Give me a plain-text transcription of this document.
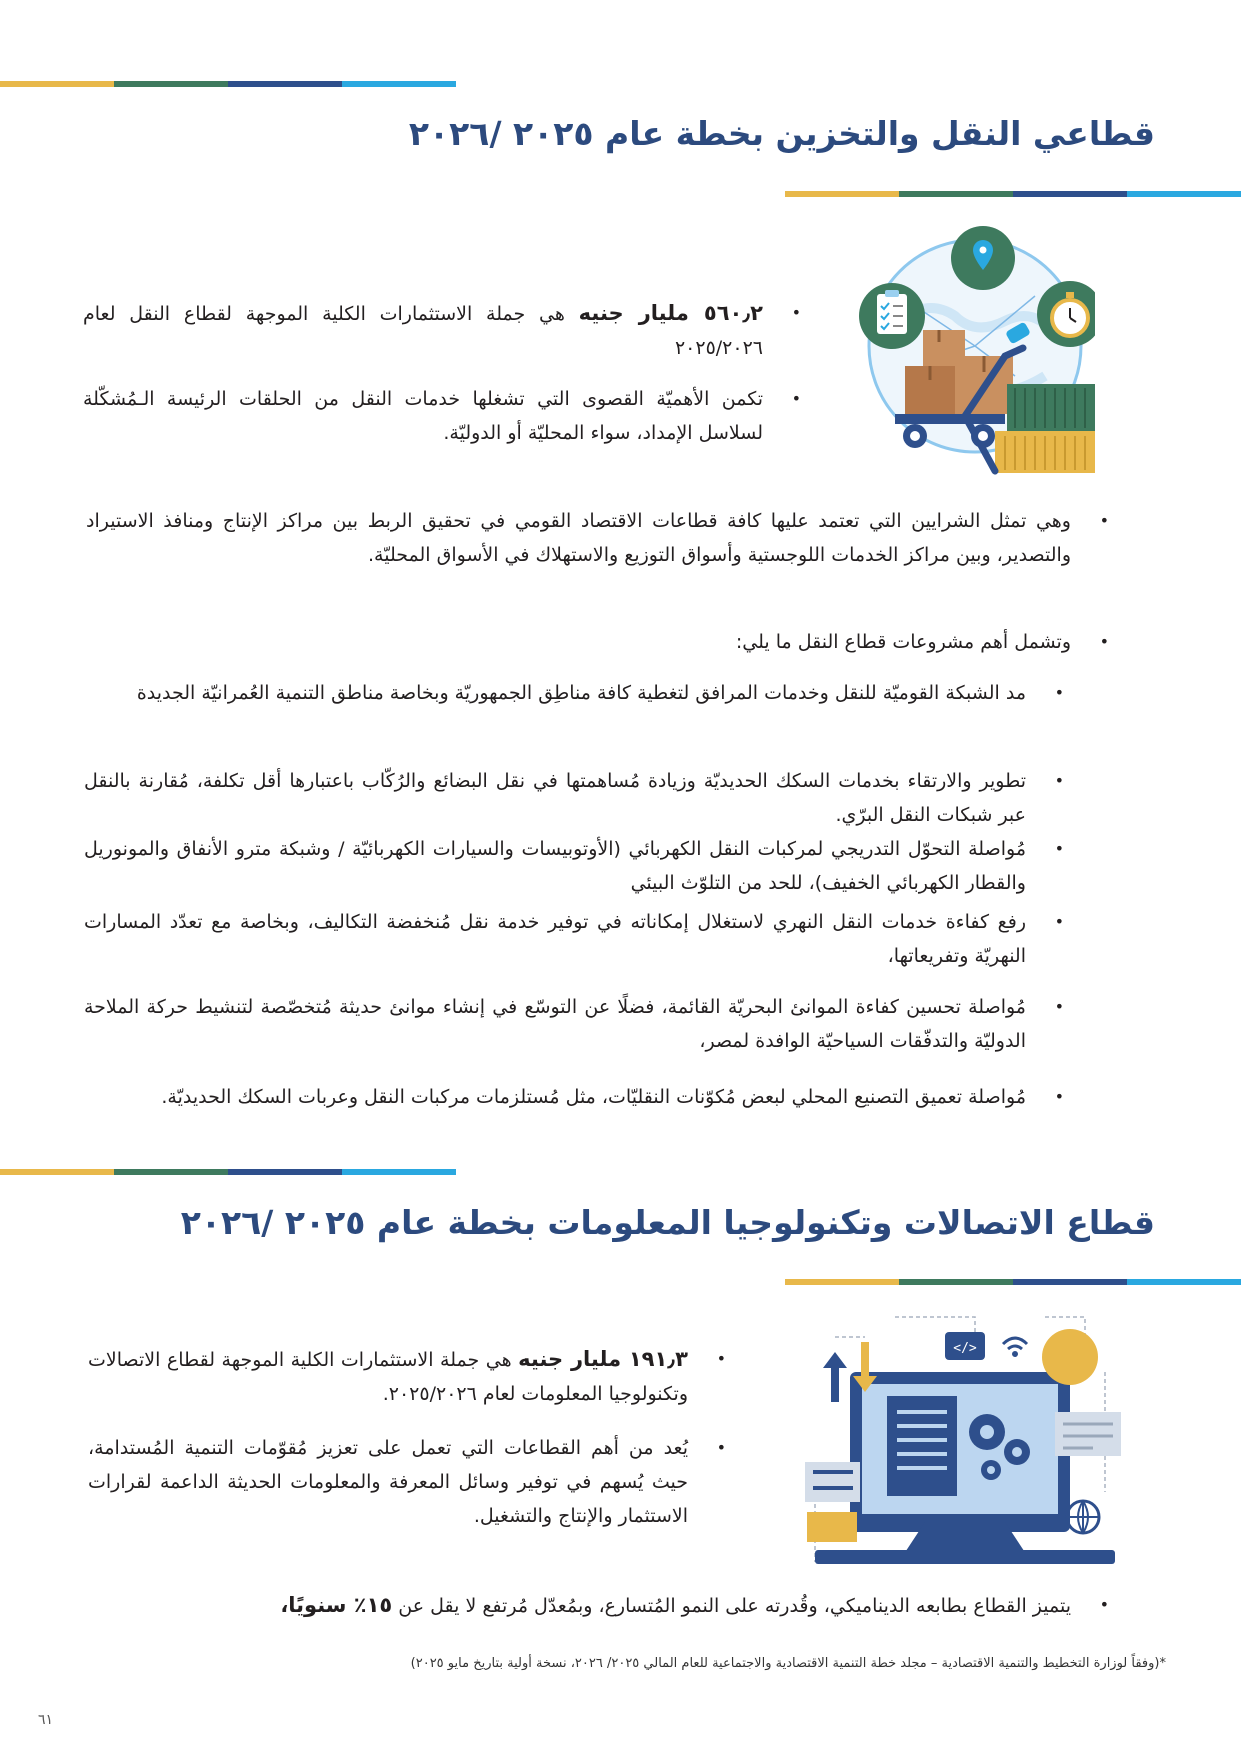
قطاعي النقل والتخزين بخطة عام ٢٠٢٥ /٢٠٢٦
•
٥٦٠٫٢ مليار جنيه هي جملة الاستثمارات الكلية الموجهة لقطاع النقل لعام ٢٠٢٥/٢٠٢٦
•
تكمن الأهميّة القصوى التي تشغلها خدمات النقل من الحلقات الرئيسة الـمُشكّلة لسلاسل الإمداد، سواء المحليّة أو الدوليّة.
•
وهي تمثل الشرايين التي تعتمد عليها كافة قطاعات الاقتصاد القومي في تحقيق الربط بين مراكز الإنتاج ومنافذ الاستيراد والتصدير، وبين مراكز الخدمات اللوجستية وأسواق التوزيع والاستهلاك في الأسواق المحليّة.
•
وتشمل أهم مشروعات قطاع النقل ما يلي:
•
مد الشبكة القوميّة للنقل وخدمات المرافق لتغطية كافة مناطِق الجمهوريّة وبخاصة مناطق التنمية العُمرانيّة الجديدة
•
تطوير والارتقاء بخدمات السكك الحديديّة وزيادة مُساهمتها في نقل البضائع والرُكّاب باعتبارها أقل تكلفة، مُقارنة بالنقل عبر شبكات النقل البرّي.
•
مُواصلة التحوّل التدريجي لمركبات النقل الكهربائي (الأوتوبيسات والسيارات الكهربائيّة / وشبكة مترو الأنفاق والمونوريل والقطار الكهربائي الخفيف)، للحد من التلوّث البيئي
•
رفع كفاءة خدمات النقل النهري لاستغلال إمكاناته في توفير خدمة نقل مُنخفضة التكاليف، وبخاصة مع تعدّد المسارات النهريّة وتفريعاتها،
•
مُواصلة تحسين كفاءة الموانئ البحريّة القائمة، فضلًا عن التوسّع في إنشاء موانئ حديثة مُتخصّصة لتنشيط حركة الملاحة الدوليّة والتدفّقات السياحيّة الوافدة لمصر،
•
مُواصلة تعميق التصنيع المحلي لبعض مُكوّنات النقليّات، مثل مُستلزمات مركبات النقل وعربات السكك الحديديّة.
قطاع الاتصالات وتكنولوجيا المعلومات بخطة عام ٢٠٢٥ /٢٠٢٦
</>
•
١٩١٫٣ مليار جنيه هي جملة الاستثمارات الكلية الموجهة لقطاع الاتصالات وتكنولوجيا المعلومات لعام ٢٠٢٥/٢٠٢٦.
•
يُعد من أهم القطاعات التي تعمل على تعزيز مُقوّمات التنمية المُستدامة، حيث يُسهم في توفير وسائل المعرفة والمعلومات الحديثة الداعمة لقرارات الاستثمار والإنتاج والتشغيل.
•
يتميز القطاع بطابعه الديناميكي، وقُدرته على النمو المُتسارع، وبمُعدّل مُرتفع لا يقل عن ١٥٪ سنويًا،
*(وفقاً لوزارة التخطيط والتنمية الاقتصادية – مجلد خطة التنمية الاقتصادية والاجتماعية للعام المالي ٢٠٢٥/ ٢٠٢٦، نسخة أولية بتاريخ مايو ٢٠٢٥)
٦١
